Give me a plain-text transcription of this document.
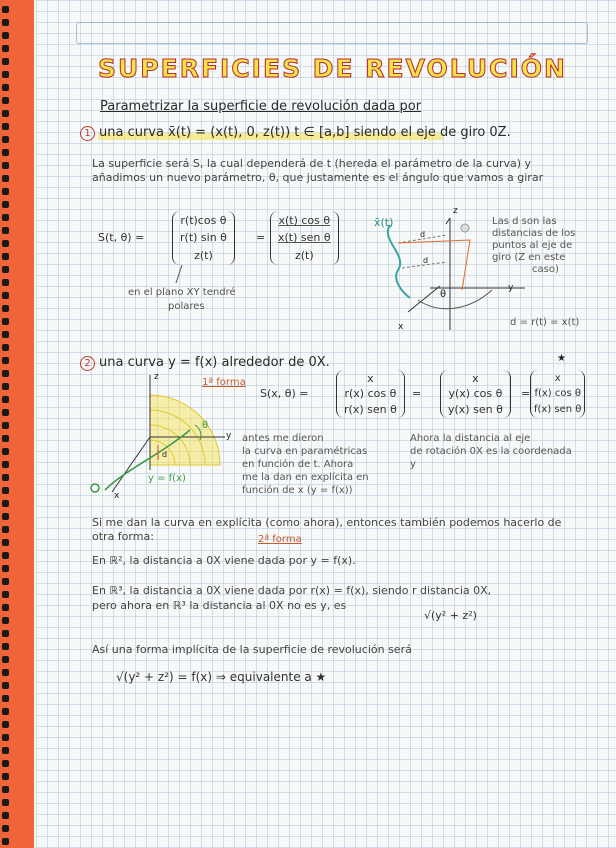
SUPERFICIES DE REVOLUCIÓN
Parametrizar la superficie de revolución dada por
1 una curva x̄(t) = (x(t), 0, z(t)) t ∈ [a,b] siendo el eje de giro 0Z.
La superficie será S, la cual dependerá de t (hereda el parámetro de la curva) y añadimos un nuevo parámetro, θ, que justamente es el ángulo que vamos a girar
S(t, θ) =
r(t)cos θ
r(t) sin θ
z(t)
=
x(t) cos θ
x(t) sen θ
z(t)
en el plano XY tendré
polares
x̄(t)
z
y
x
θ
d
d
Las d son las
distancias de los
puntos al eje de
giro (Z en este
caso)
d = r(t) = x(t)
2 una curva y = f(x) alrededor de 0X.
1ª forma
S(x, θ) =
x
r(x) cos θ
r(x) sen θ
=
x
y(x) cos θ
y(x) sen θ
=
x
f(x) cos θ
f(x) sen θ
★
z
y
x
θ
d
y = f(x)
antes me dieron
la curva en paramétricas
en función de t. Ahora
me la dan en explícita en
función de x (y = f(x))
Ahora la distancia al eje
de rotación 0X es la coordenada
y
Si me dan la curva en explícita (como ahora), entonces también podemos hacerlo de otra forma:	2ª forma
En ℝ², la distancia a 0X viene dada por y = f(x).
En ℝ³, la distancia a 0X viene dada por r(x) = f(x), siendo r distancia 0X,
pero ahora en ℝ³ la distancia al 0X no es y, es
√(y² + z²)
Así una forma implícita de la superficie de revolución será
√(y² + z²) = f(x) ⇒ equivalente a ★
